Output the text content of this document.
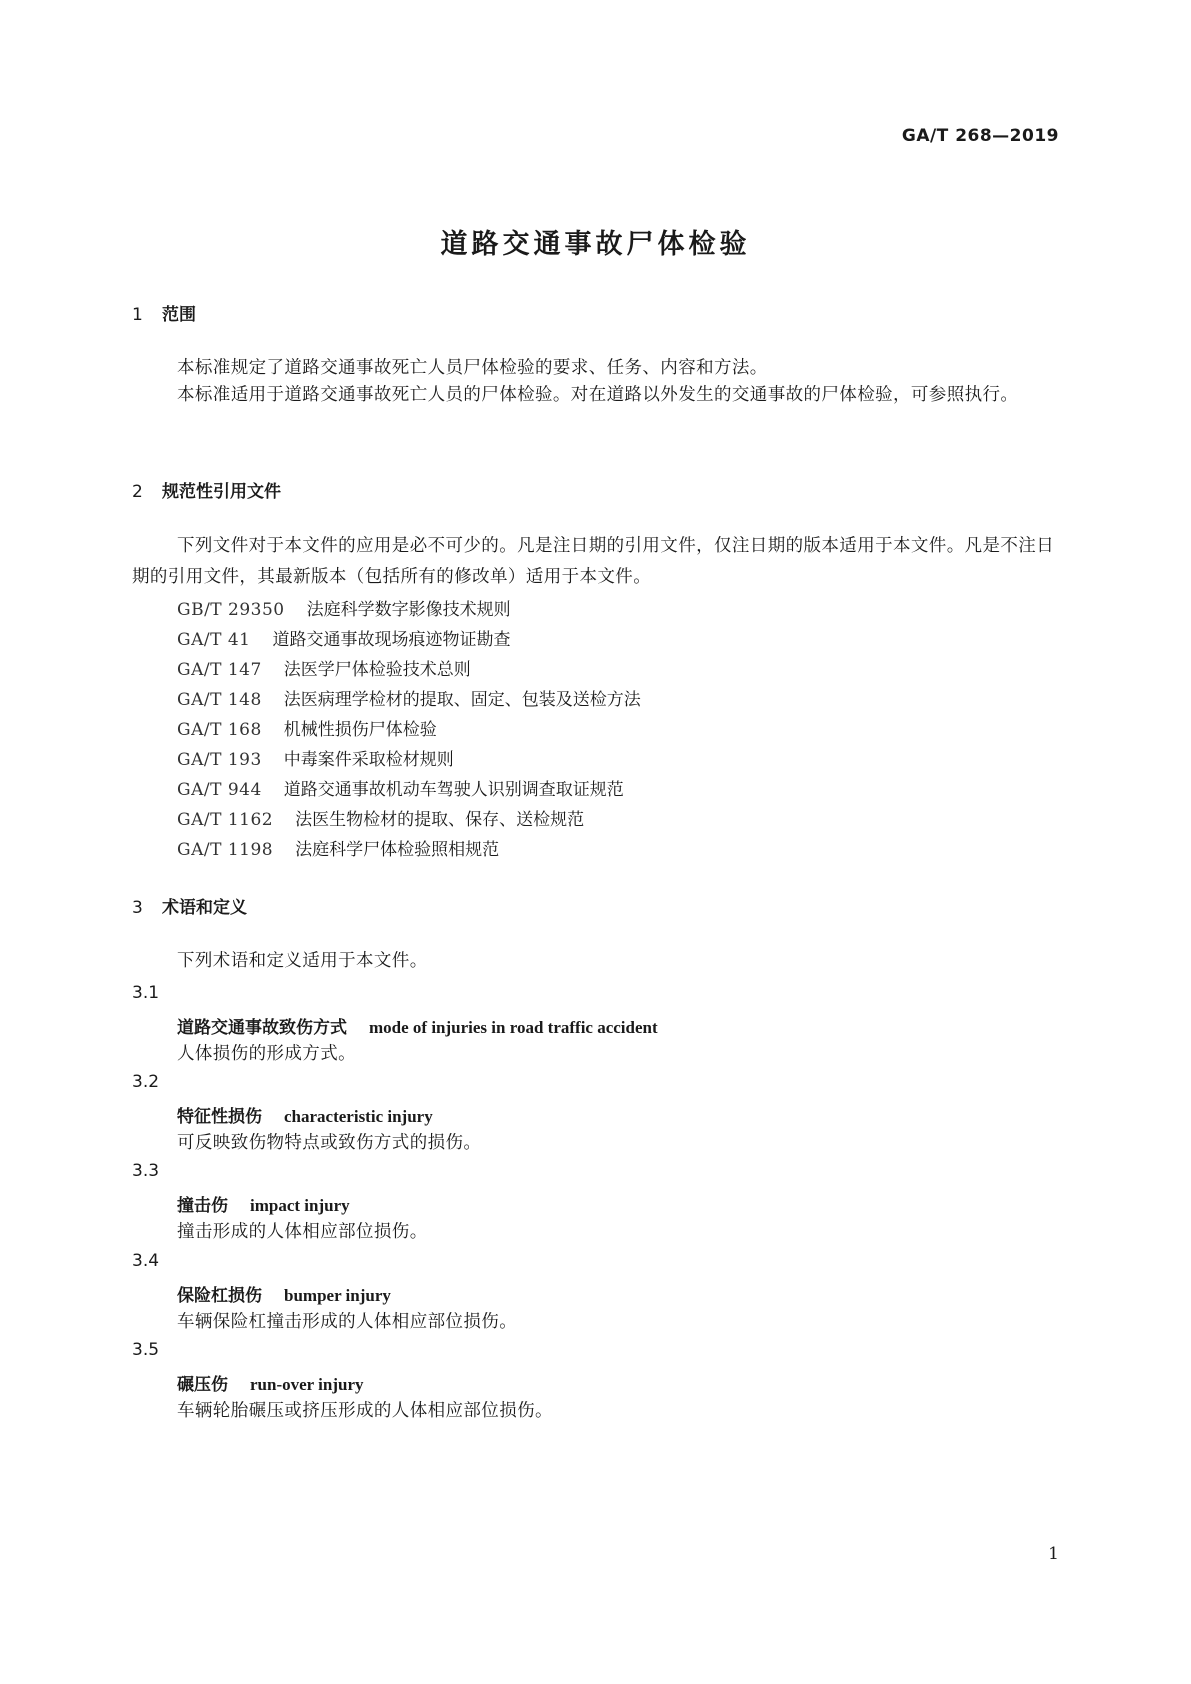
GA/T 268—2019
道路交通事故尸体检验
1 范围
本标准规定了道路交通事故死亡人员尸体检验的要求、任务、内容和方法。
本标准适用于道路交通事故死亡人员的尸体检验。对在道路以外发生的交通事故的尸体检验，可参照执行。
2 规范性引用文件
下列文件对于本文件的应用是必不可少的。凡是注日期的引用文件，仅注日期的版本适用于本文件。凡是不注日期的引用文件，其最新版本（包括所有的修改单）适用于本文件。
GB/T 29350 法庭科学数字影像技术规则
GA/T 41 道路交通事故现场痕迹物证勘查
GA/T 147 法医学尸体检验技术总则
GA/T 148 法医病理学检材的提取、固定、包装及送检方法
GA/T 168 机械性损伤尸体检验
GA/T 193 中毒案件采取检材规则
GA/T 944 道路交通事故机动车驾驶人识别调查取证规范
GA/T 1162 法医生物检材的提取、保存、送检规范
GA/T 1198 法庭科学尸体检验照相规范
3 术语和定义
下列术语和定义适用于本文件。
3.1
道路交通事故致伤方式 mode of injuries in road traffic accident
人体损伤的形成方式。
3.2
特征性损伤 characteristic injury
可反映致伤物特点或致伤方式的损伤。
3.3
撞击伤 impact injury
撞击形成的人体相应部位损伤。
3.4
保险杠损伤 bumper injury
车辆保险杠撞击形成的人体相应部位损伤。
3.5
碾压伤 run-over injury
车辆轮胎碾压或挤压形成的人体相应部位损伤。
1
